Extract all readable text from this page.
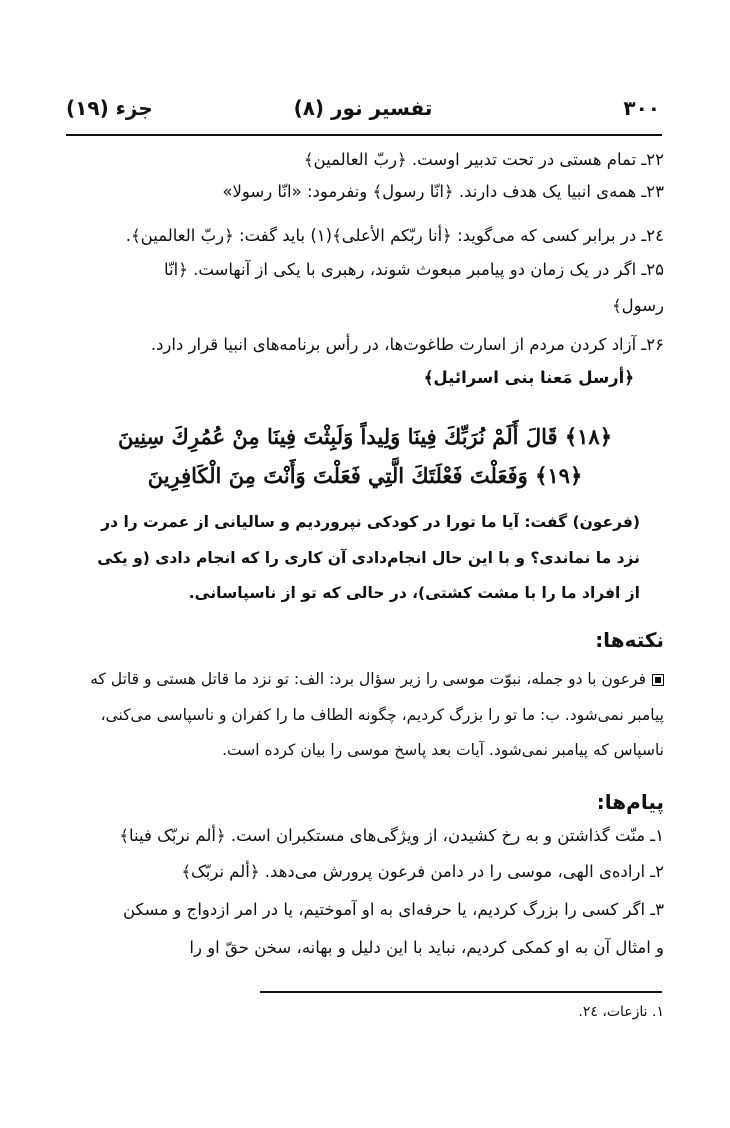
۳۰۰
تفسیر نور (۸)
جزء (۱۹)
۲۲ـ تمام هستی در تحت تدبیر اوست. ﴿ربّ العالمین﴾
۲۳ـ همه‌ی انبیا یک هدف دارند. ﴿انّا رسول﴾ ونفرمود: «انّا رسولا»
۲٤ـ در برابر کسی که می‌گوید: ﴿أنا ربّکم الأعلی﴾(۱) باید گفت: ﴿ربّ العالمین﴾.
۲۵ـ اگر در یک زمان دو پیامبر مبعوث شوند، رهبری با یکی از آنهاست. ﴿انّا
رسول﴾
۲۶ـ آزاد کردن مردم از اسارت طاغوت‌ها، در رأس برنامه‌های انبیا قرار دارد.
﴿أرسل مَعنا بنی اسرائیل﴾
﴿۱۸﴾ قَالَ أَلَمْ نُرَبِّكَ فِينَا وَلِيداً وَلَبِثْتَ فِينَا مِنْ عُمُرِكَ سِنِينَ
﴿۱۹﴾ وَفَعَلْتَ فَعْلَتَكَ الَّتِي فَعَلْتَ وَأَنْتَ مِنَ الْكَافِرِينَ
(فرعون) گفت: آیا ما تورا در کودکی نپروردیم و سالیانی از عمرت را در
نزد ما نماندی؟ و با این حال انجام‌دادی آن کاری را که انجام دادی (و یکی
از افراد ما را با مشت کشتی)، در حالی که تو از ناسپاسانی.
نکته‌ها:
فرعون با دو جمله، نبوّت موسی را زیر سؤال برد: الف: تو نزد ما قاتل هستی و قاتل که
پیامبر نمی‌شود. ب: ما تو را بزرگ کردیم، چگونه الطاف ما را کفران و ناسپاسی می‌کنی،
ناسپاس که پیامبر نمی‌شود. آیات بعد پاسخ موسی را بیان کرده است.
پیام‌ها:
۱ـ منّت گذاشتن و به رخ کشیدن، از ویژگی‌های مستکبران است. ﴿ألم نربّک فینا﴾
۲ـ اراده‌ی الهی، موسی را در دامن فرعون پرورش می‌دهد. ﴿ألم نربّک﴾
۳ـ اگر کسی را بزرگ کردیم، یا حرفه‌ای به او آموختیم، یا در امر ازدواج و مسکن
و امثال آن به او کمکی کردیم، نباید با این دلیل و بهانه، سخن حقّ او را
۱. نازعات، ۲٤.
